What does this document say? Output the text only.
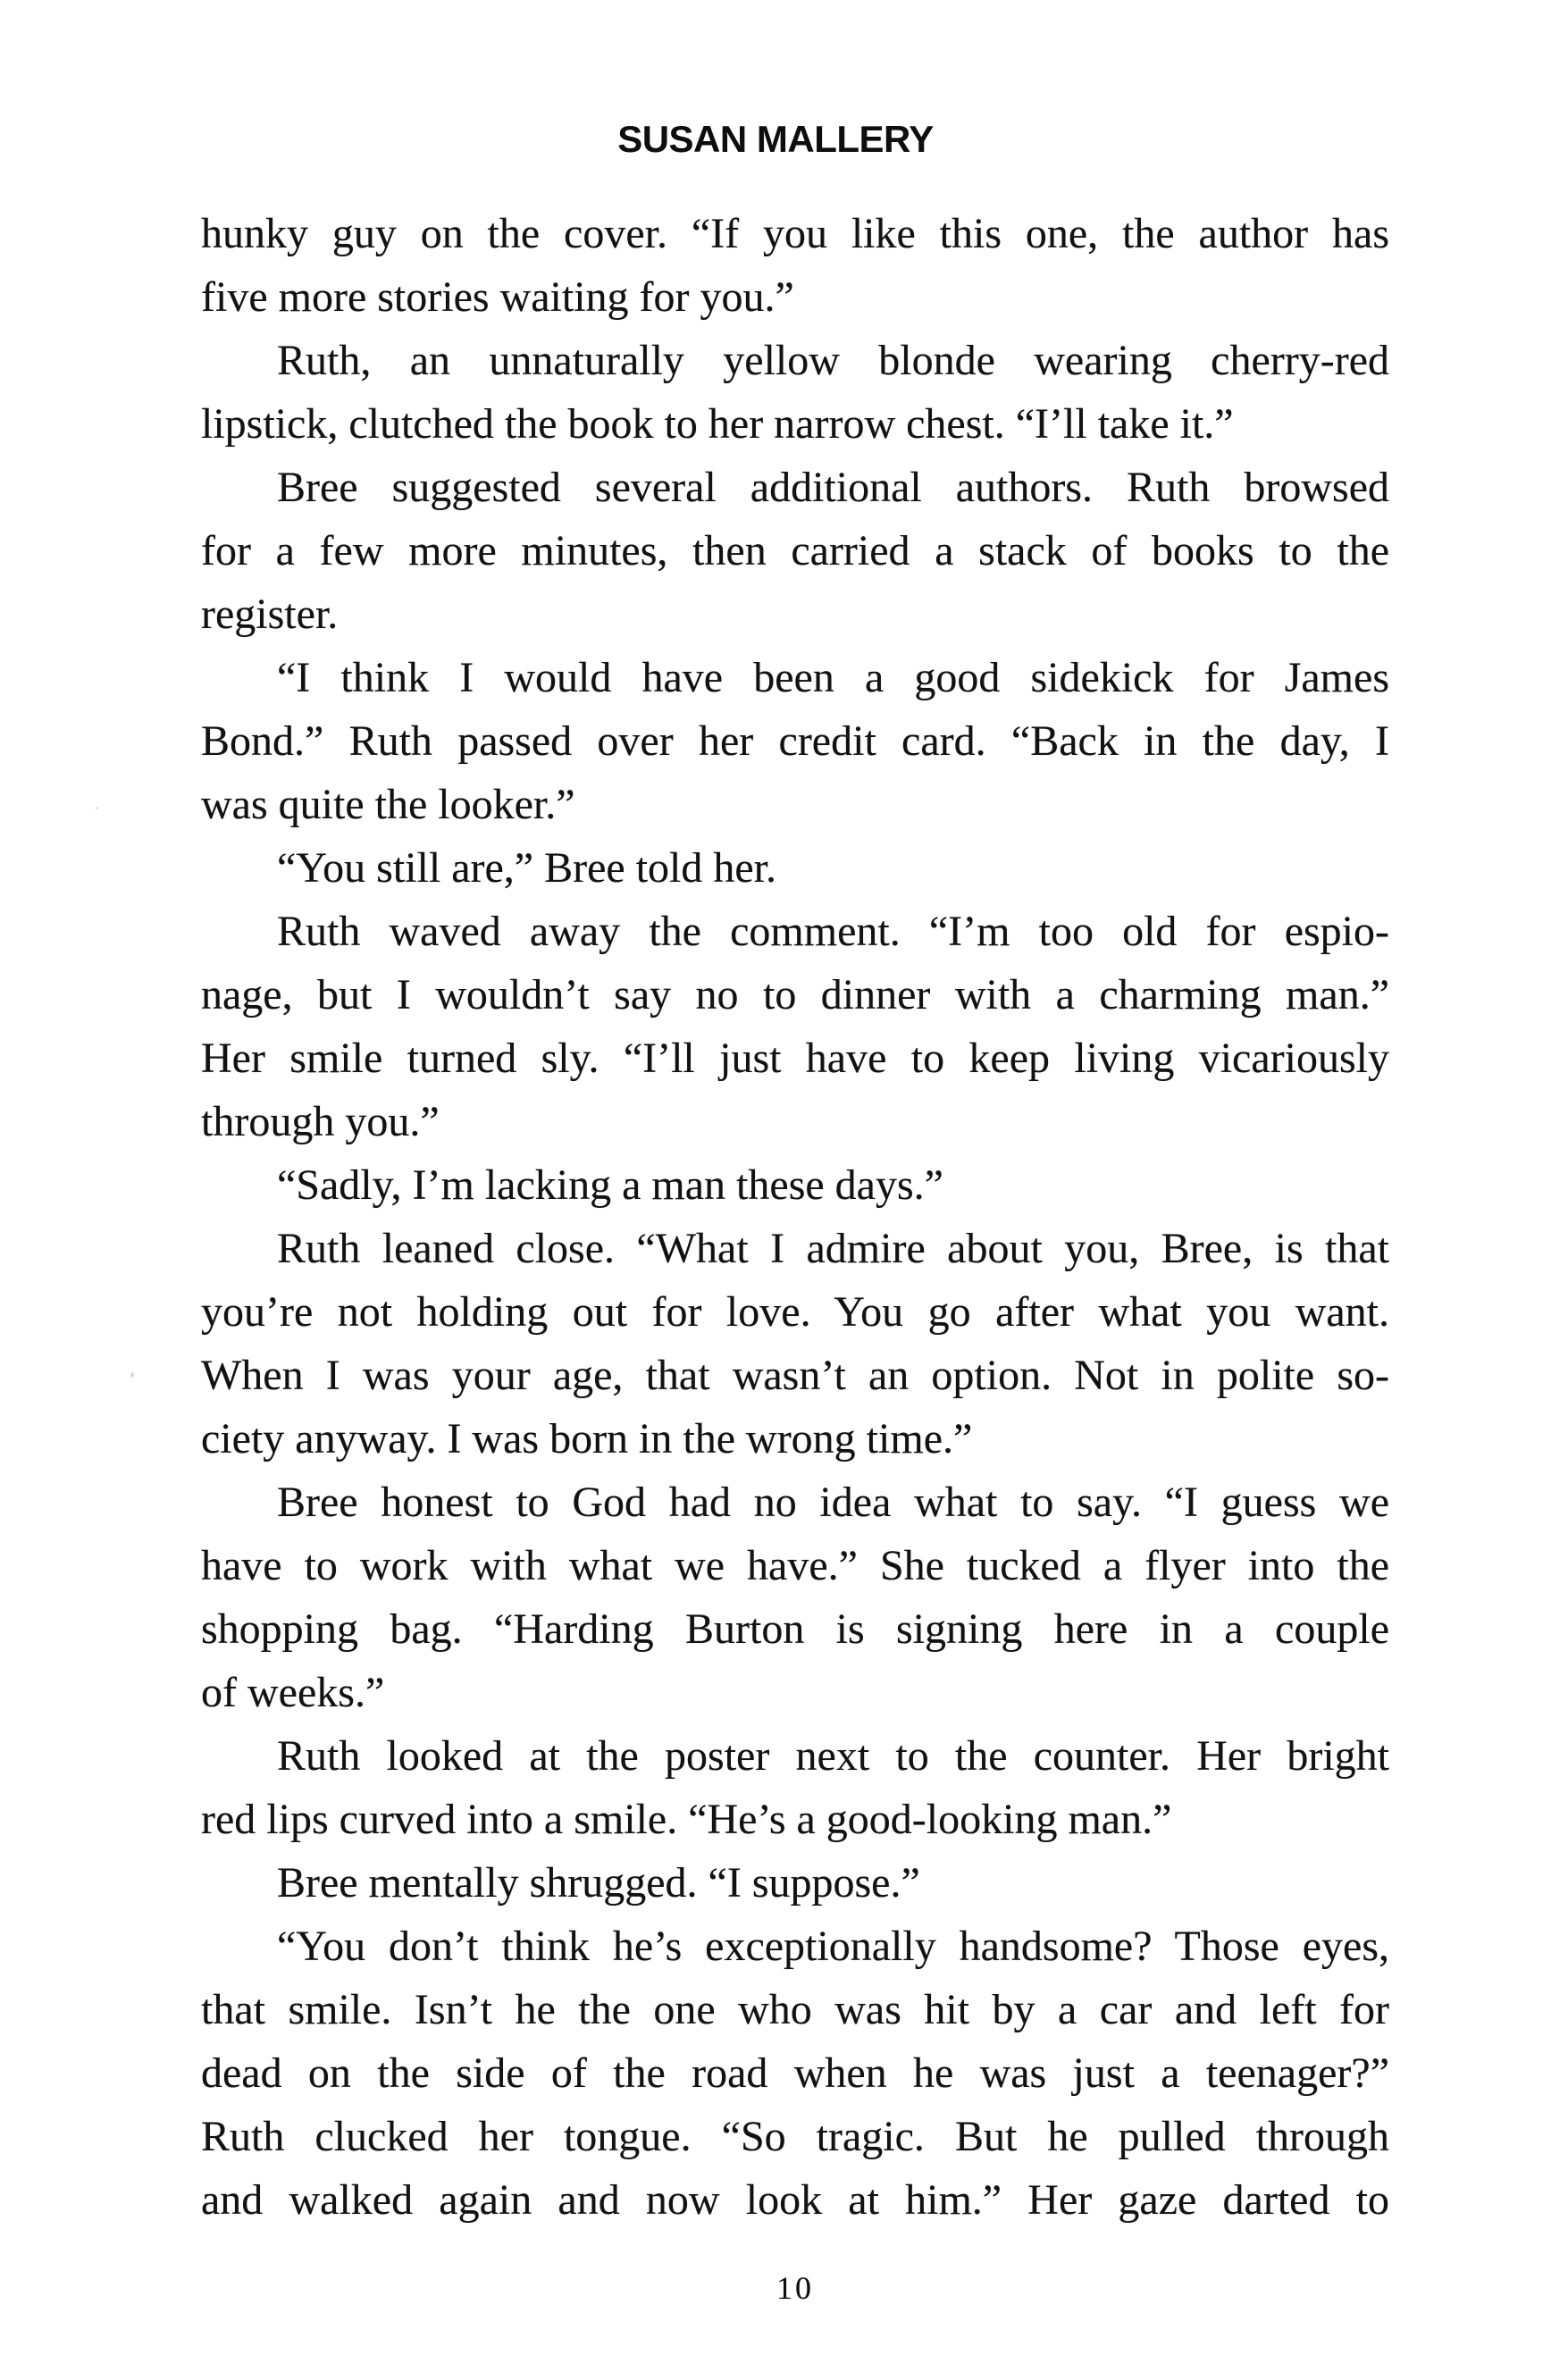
SUSAN MALLERY

hunky guy on the cover. “If you like this one, the author has
five more stories waiting for you.”

Ruth, an unnaturally yellow blonde wearing cherry-red
lipstick, clutched the book to her narrow chest. “I’ll take it.”

Bree suggested several additional authors. Ruth browsed
for a few more minutes, then carried a stack of books to the
register.

“I think I would have been a good sidekick for James
Bond.” Ruth passed over her credit card. “Back in the day, I
was quite the looker.”

“You still are,” Bree told her.

Ruth waved away the comment. “I’m too old for espio-
nage, but I wouldn’t say no to dinner with a charming man.”
Her smile turned sly. “I’ll just have to keep living vicariously
through you.”

“Sadly, I’m lacking a man these days.”

Ruth leaned close. “What I admire about you, Bree, is that
you’re not holding out for love. You go after what you want.
When I was your age, that wasn’t an option. Not in polite so-
ciety anyway. I was born in the wrong time.”

Bree honest to God had no idea what to say. “I guess we
have to work with what we have.” She tucked a flyer into the
shopping bag. “Harding Burton is signing here in a couple
of weeks.”

Ruth looked at the poster next to the counter. Her bright
red lips curved into a smile. “He’s a good-looking man.”

Bree mentally shrugged. “I suppose.”

“You don’t think he’s exceptionally handsome? Those eyes,
that smile. Isn’t he the one who was hit by a car and left for
dead on the side of the road when he was just a teenager?”
Ruth clucked her tongue. “So tragic. But he pulled through
and walked again and now look at him.” Her gaze darted to

10
